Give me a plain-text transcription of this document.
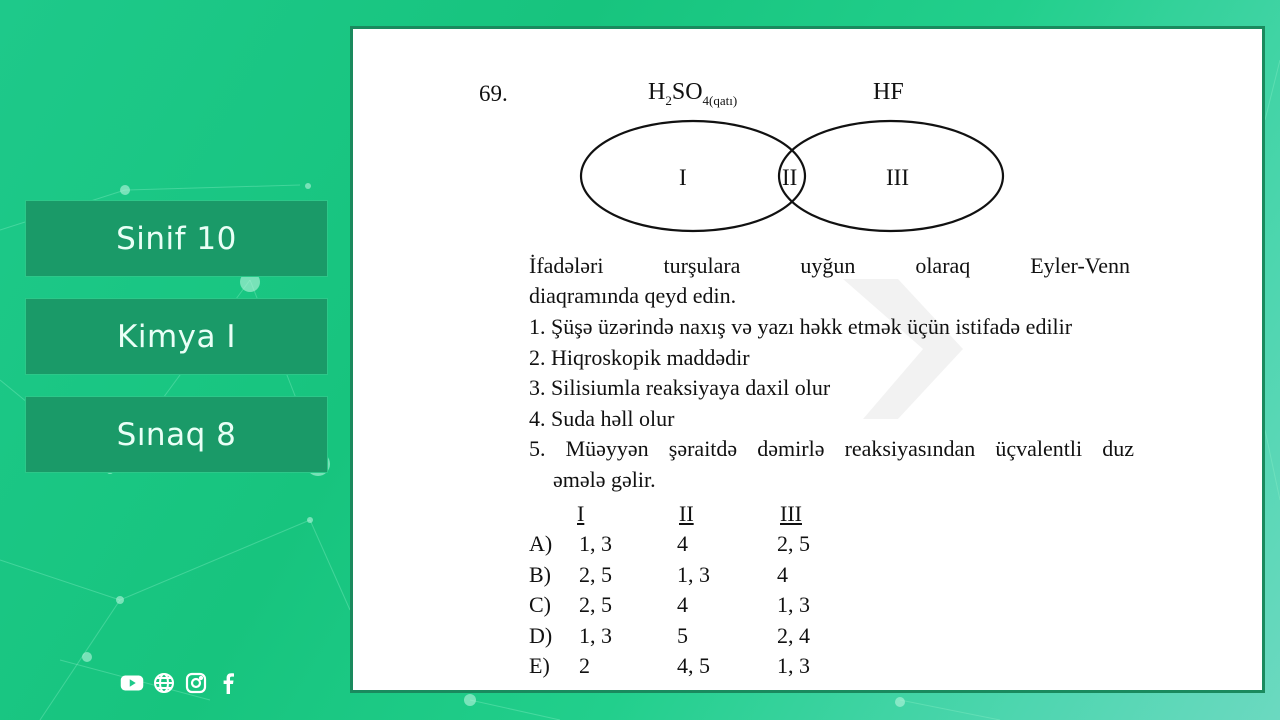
Sinif 10
Kimya I
Sınaq 8
69.	$H_2SO_{4(qatı)}$	HF
I	II	III
İfadələri turşulara uyğun olaraq Eyler-Venn
diaqramında qeyd edin.
1. Şüşə üzərində naxış və yazı həkk etmək üçün istifadə edilir
2. Hiqroskopik maddədir
3. Silisiumla reaksiyaya daxil olur
4. Suda həll olur
5. Müəyyən şəraitdə dəmirlə reaksiyasından üçvalentli duz
əmələ gəlir.
I	II	III
A) 1, 3	4	2, 5
B) 2, 5	1, 3	4
C) 2, 5	4	1, 3
D) 1, 3	5	2, 4
E) 2	4, 5	1, 3
